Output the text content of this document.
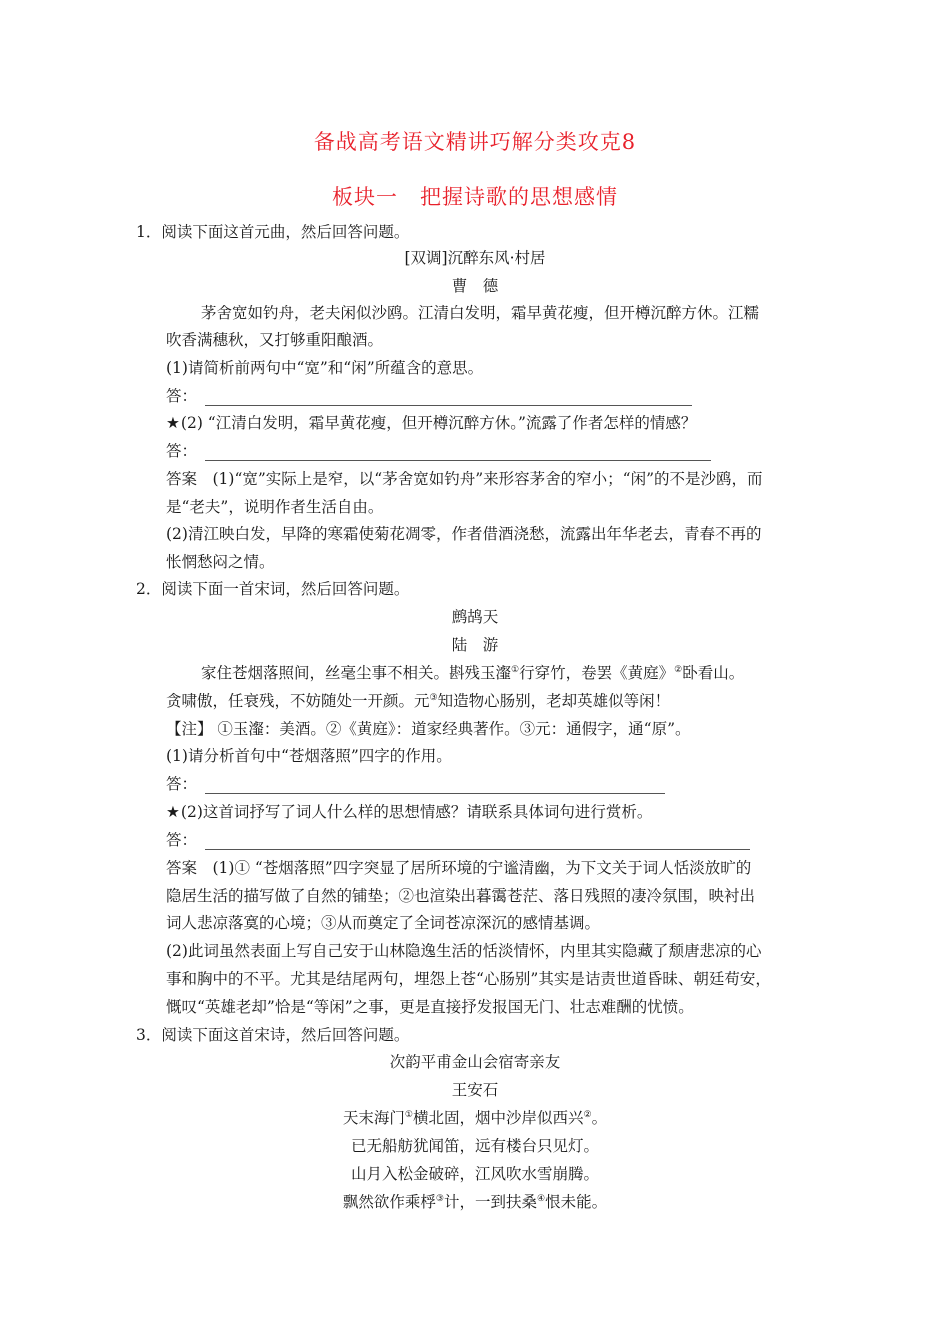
备战高考语文精讲巧解分类攻克8
板块一　把握诗歌的思想感情
1．阅读下面这首元曲，然后回答问题。
[双调]沉醉东风·村居
曹　德
茅舍宽如钓舟，老夫闲似沙鸥。江清白发明，霜早黄花瘦，但开樽沉醉方休。江糯
吹香满穗秋，又打够重阳酿酒。
(1)请简析前两句中“宽”和“闲”所蕴含的意思。
答：
★(2) “江清白发明，霜早黄花瘦，但开樽沉醉方休。”流露了作者怎样的情感？
答：
答案　(1)“宽”实际上是窄，以“茅舍宽如钓舟”来形容茅舍的窄小；“闲”的不是沙鸥，而
是“老夫”，说明作者生活自由。
(2)清江映白发，早降的寒霜使菊花凋零，作者借酒浇愁，流露出年华老去，青春不再的
怅惘愁闷之情。
2．阅读下面一首宋词，然后回答问题。
鹧鸪天
陆　游
家住苍烟落照间，丝毫尘事不相关。斟残玉瀣①行穿竹，卷罢《黄庭》②卧看山。
贪啸傲，任衰残，不妨随处一开颜。元③知造物心肠别，老却英雄似等闲！
【注】 ①玉瀣：美酒。②《黄庭》：道家经典著作。③元：通假字，通“原”。
(1)请分析首句中“苍烟落照”四字的作用。
答：
★(2)这首词抒写了词人什么样的思想情感？请联系具体词句进行赏析。
答：
答案　(1)① “苍烟落照”四字突显了居所环境的宁谧清幽，为下文关于词人恬淡放旷的
隐居生活的描写做了自然的铺垫；②也渲染出暮霭苍茫、落日残照的凄冷氛围，映衬出
词人悲凉落寞的心境；③从而奠定了全词苍凉深沉的感情基调。
(2)此词虽然表面上写自己安于山林隐逸生活的恬淡情怀，内里其实隐藏了颓唐悲凉的心
事和胸中的不平。尤其是结尾两句，埋怨上苍“心肠别”其实是诘责世道昏昧、朝廷苟安，
慨叹“英雄老却”恰是“等闲”之事，更是直接抒发报国无门、壮志难酬的忧愤。
3．阅读下面这首宋诗，然后回答问题。
次韵平甫金山会宿寄亲友
王安石
天末海门①横北固，烟中沙岸似西兴②。
已无船舫犹闻笛，远有楼台只见灯。
山月入松金破碎，江风吹水雪崩腾。
飘然欲作乘桴③计，一到扶桑④恨未能。
